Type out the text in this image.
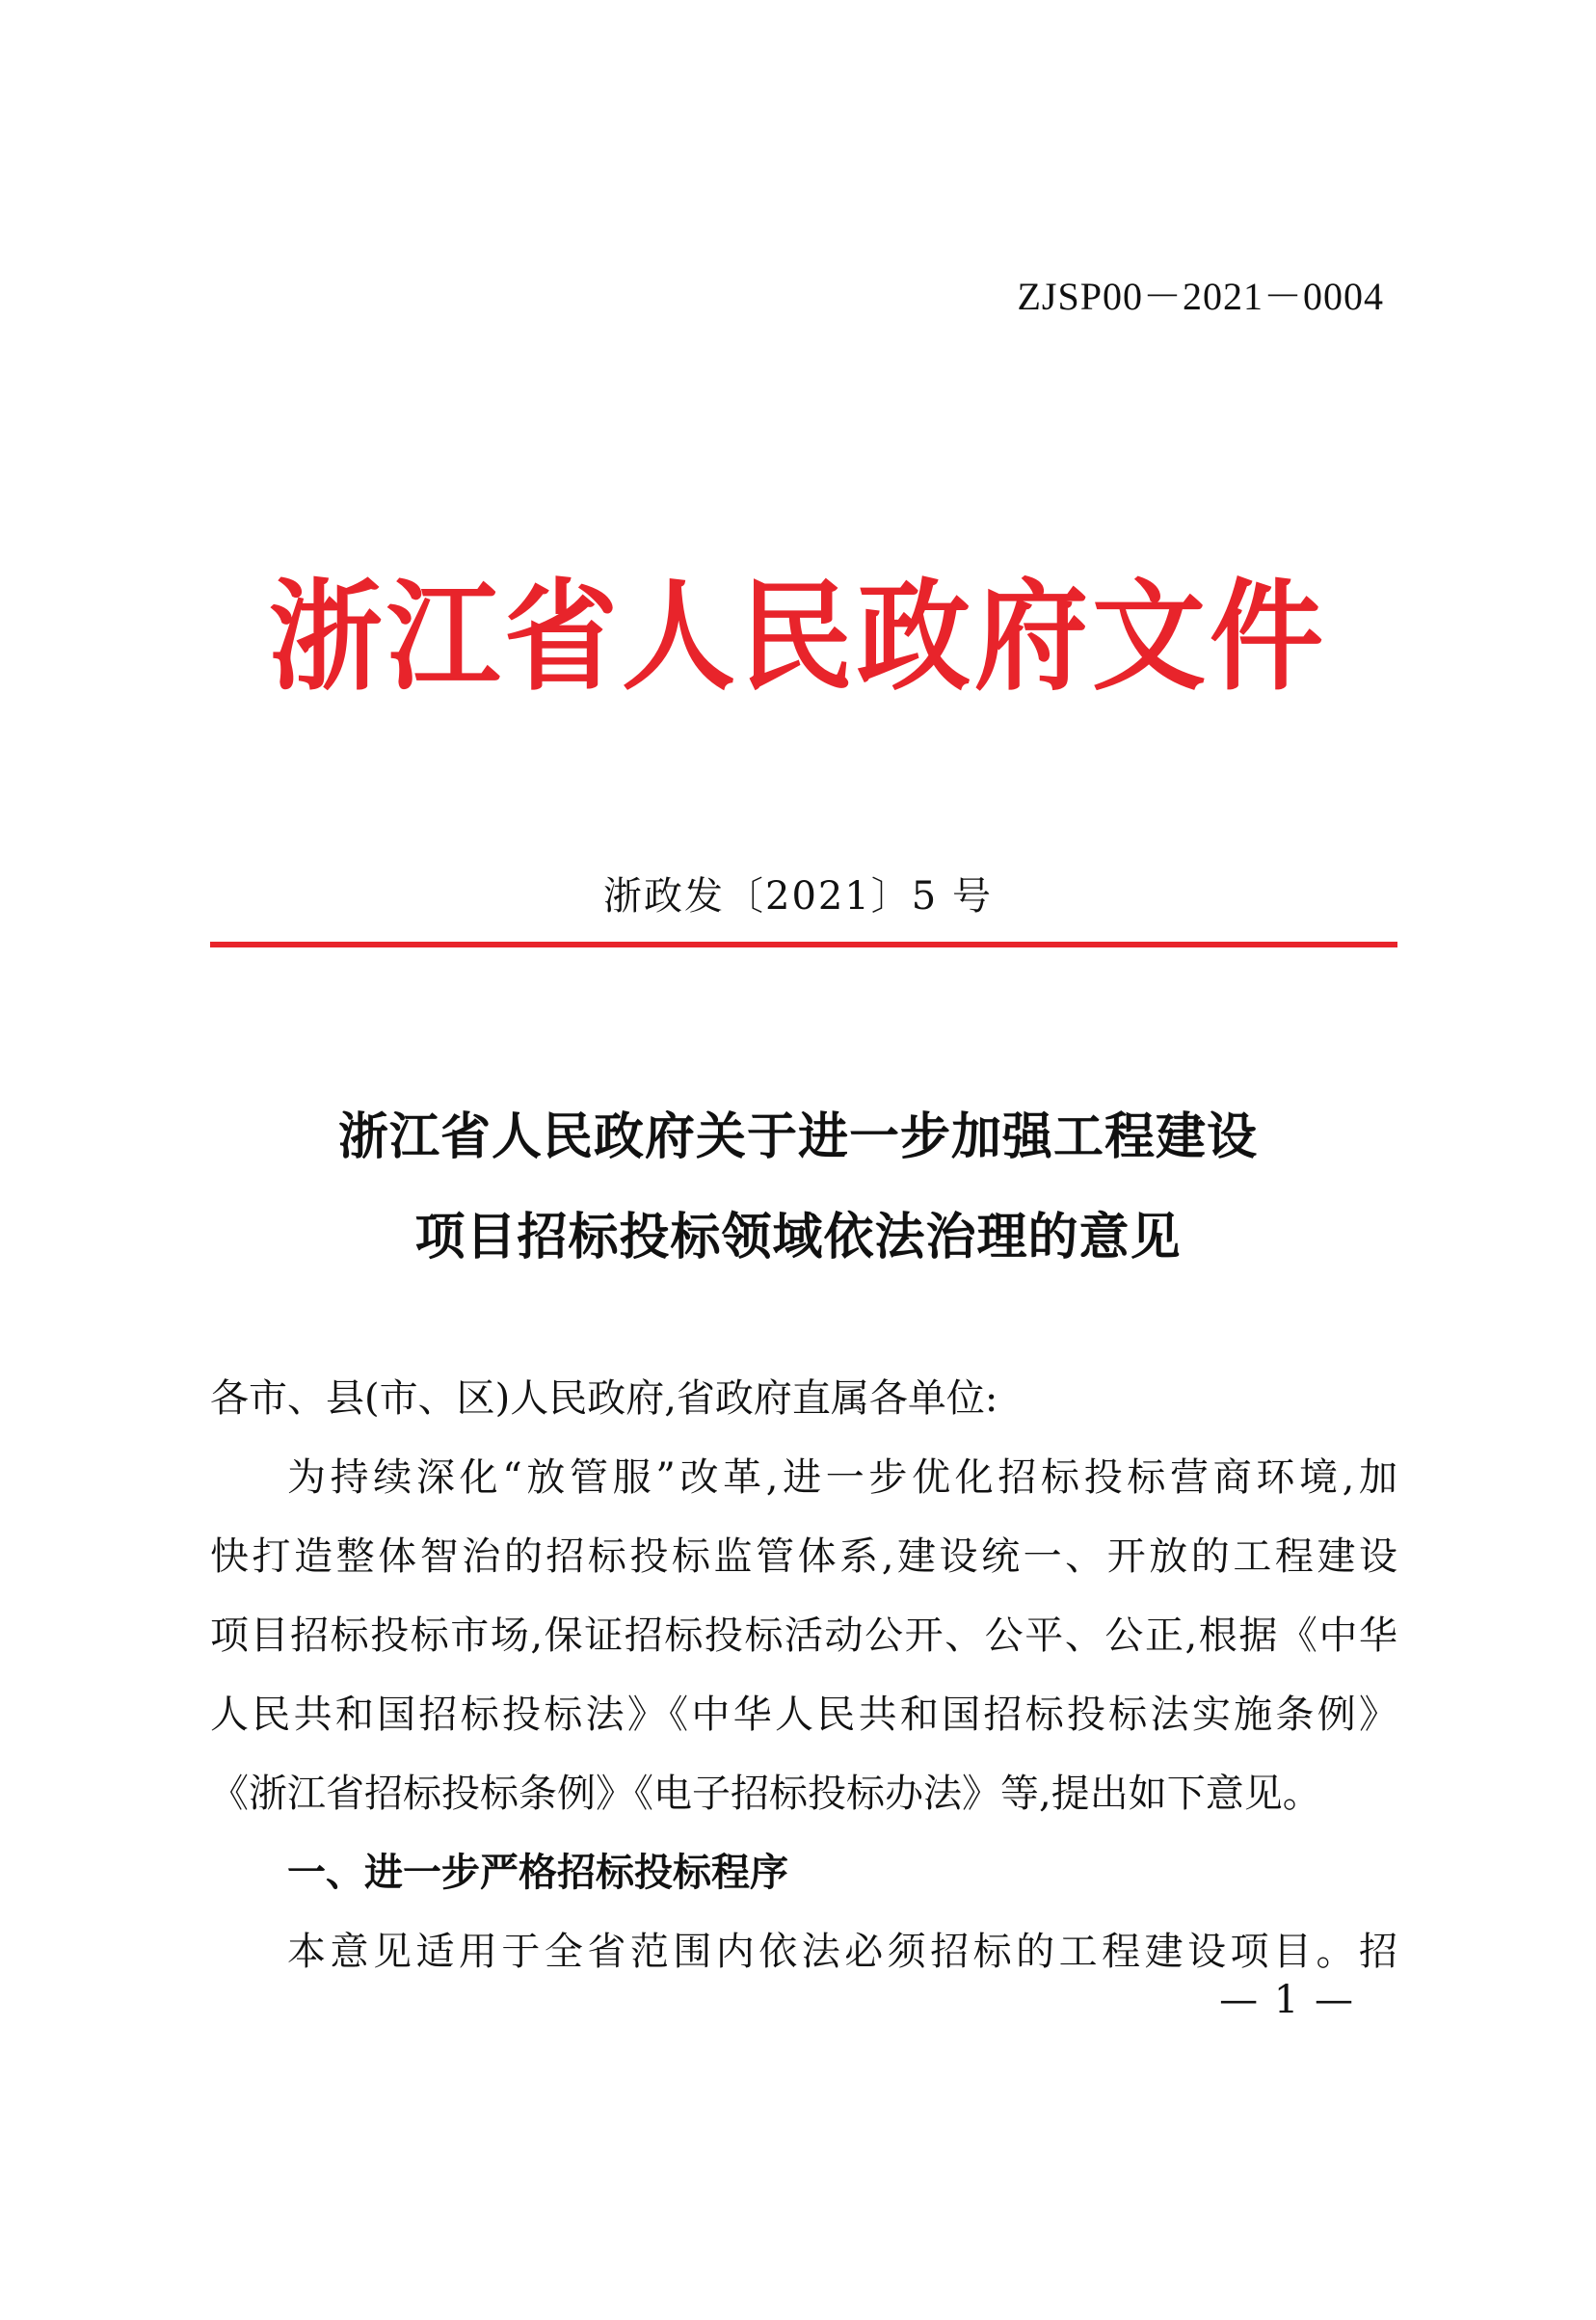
ZJSP00－2021－0004
浙江省人民政府文件
浙政发〔2021〕5 号
浙江省人民政府关于进一步加强工程建设
项目招标投标领域依法治理的意见

各市、县(市、区)人民政府,省政府直属各单位:

为持续深化“放管服”改革,进一步优化招标投标营商环境,加

快打造整体智治的招标投标监管体系,建设统一、开放的工程建设

项目招标投标市场,保证招标投标活动公开、公平、公正,根据《中华

人民共和国招标投标法》《中华人民共和国招标投标法实施条例》

《浙江省招标投标条例》《电子招标投标办法》等,提出如下意见。

一、进一步严格招标投标程序

本意见适用于全省范围内依法必须招标的工程建设项目。招

— 1 —
